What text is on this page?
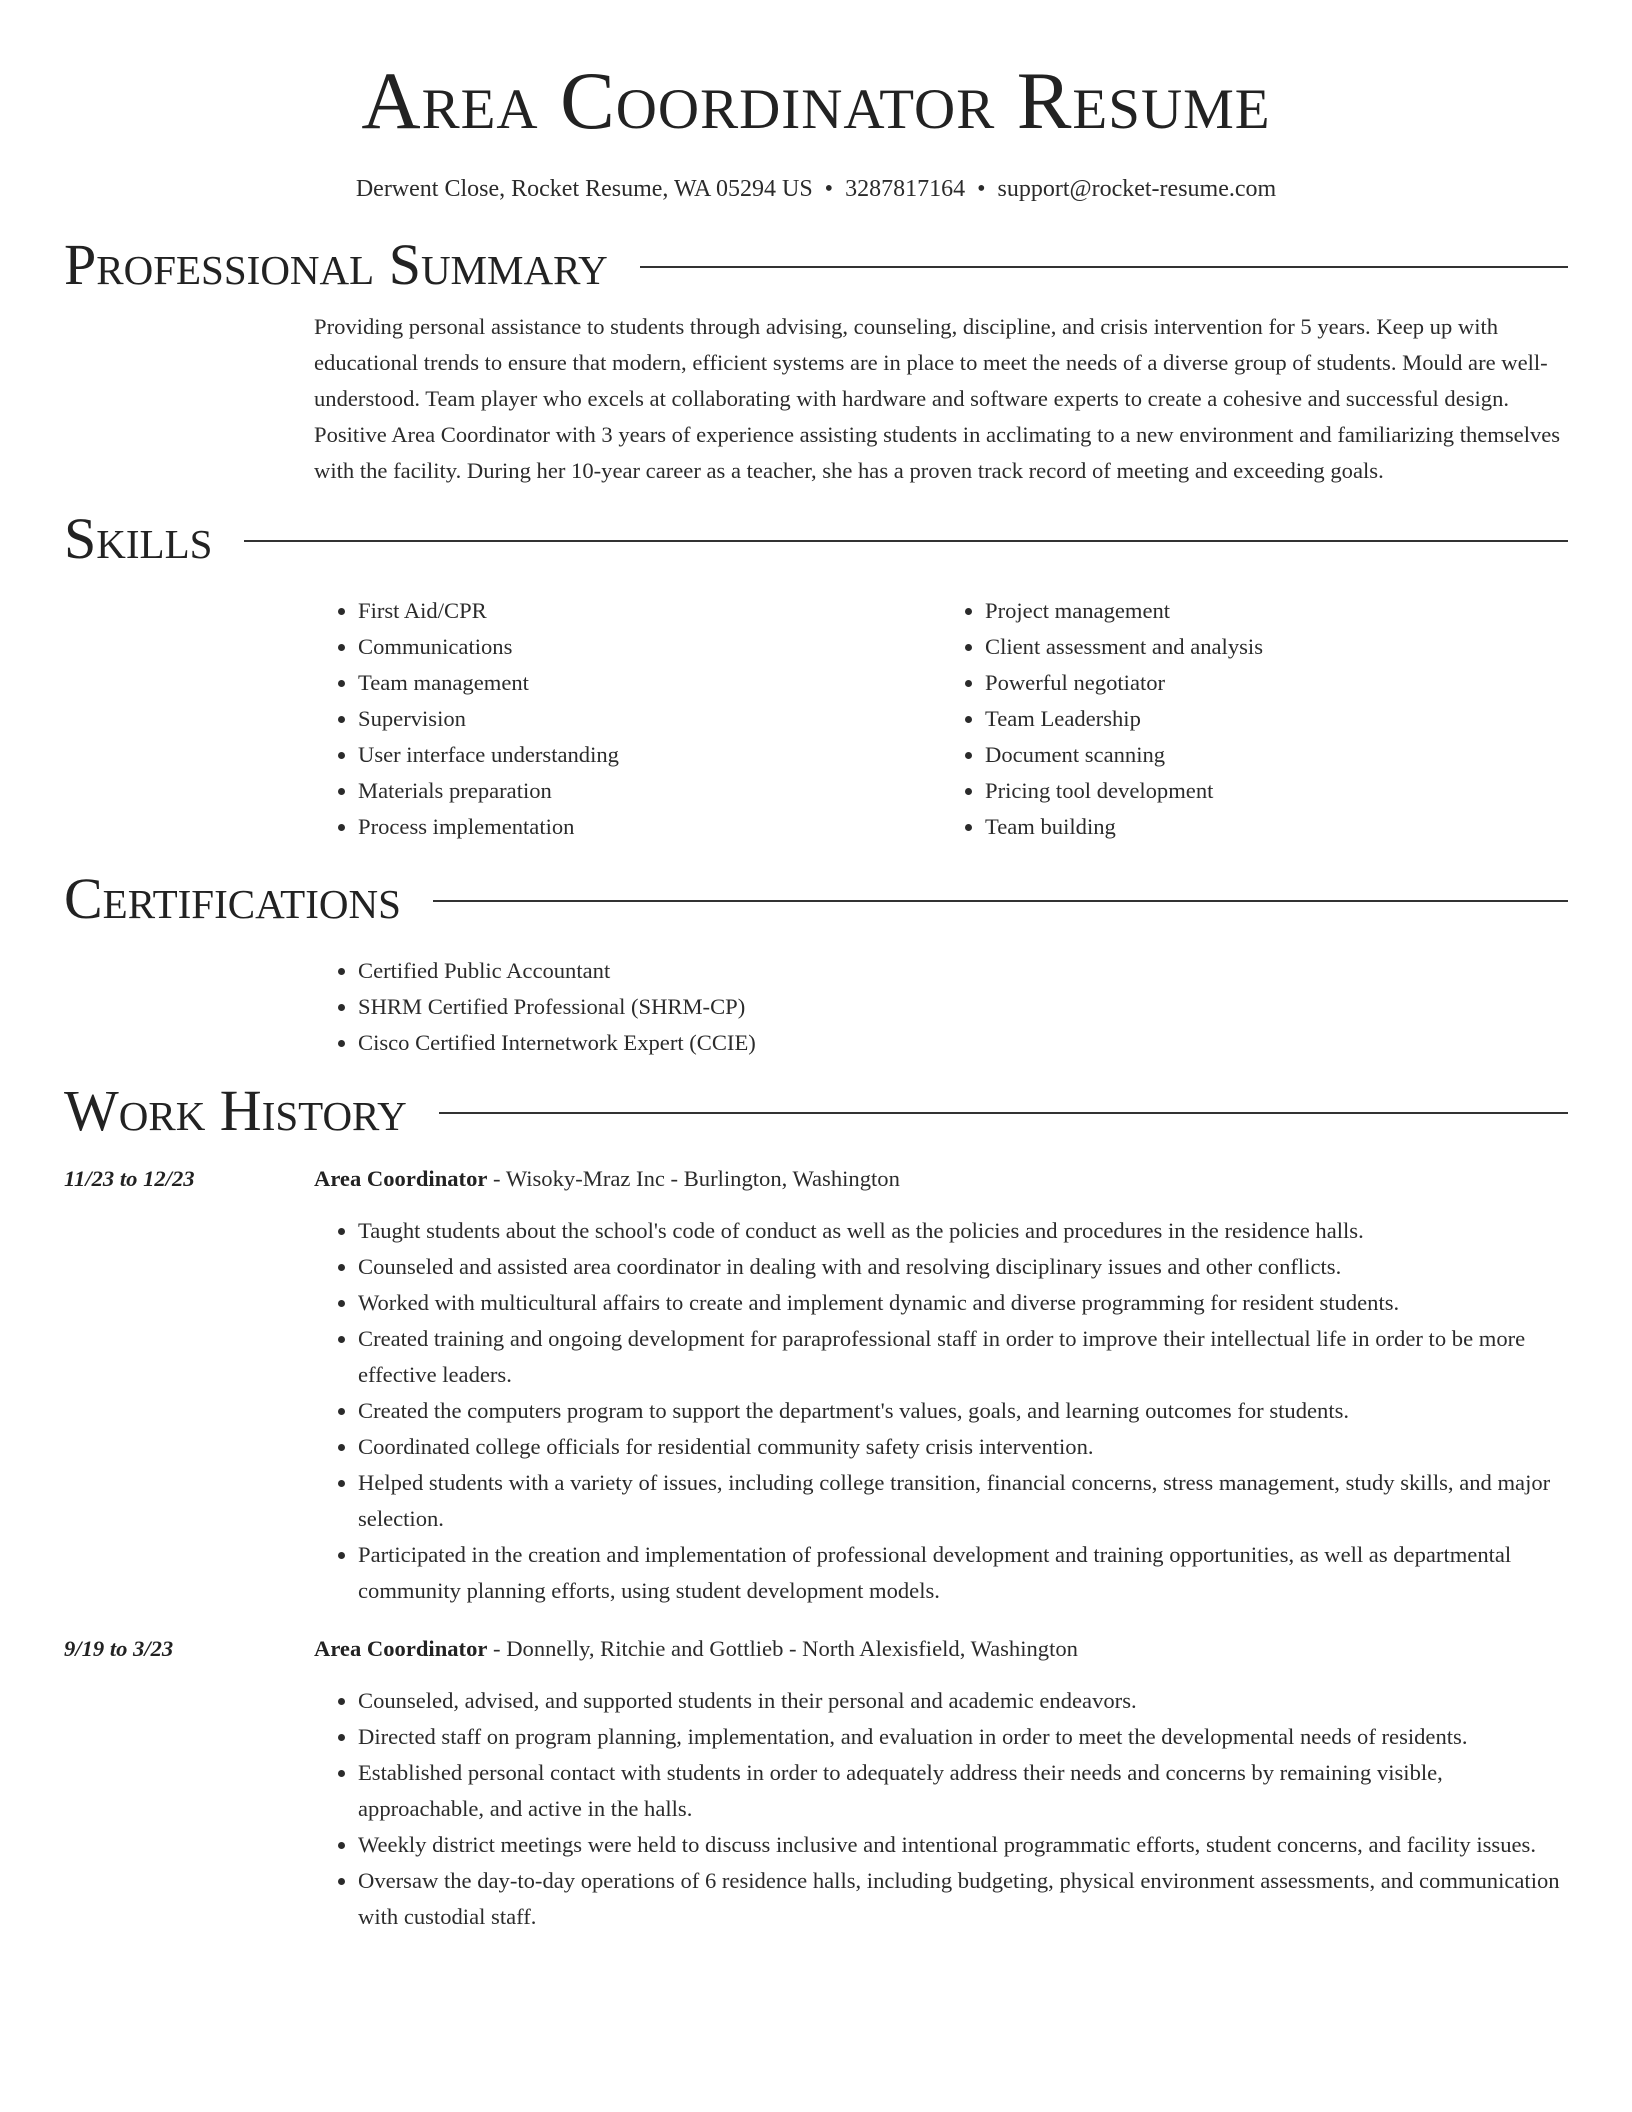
Area Coordinator Resume
Derwent Close, Rocket Resume, WA 05294 US • 3287817164 • support@rocket-resume.com
Professional Summary
Providing personal assistance to students through advising, counseling, discipline, and crisis intervention for 5 years. Keep up with educational trends to ensure that modern, efficient systems are in place to meet the needs of a diverse group of students. Mould are well-understood. Team player who excels at collaborating with hardware and software experts to create a cohesive and successful design. Positive Area Coordinator with 3 years of experience assisting students in acclimating to a new environment and familiarizing themselves with the facility. During her 10-year career as a teacher, she has a proven track record of meeting and exceeding goals.
Skills
• First Aid/CPR
• Communications
• Team management
• Supervision
• User interface understanding
• Materials preparation
• Process implementation
• Project management
• Client assessment and analysis
• Powerful negotiator
• Team Leadership
• Document scanning
• Pricing tool development
• Team building
Certifications
• Certified Public Accountant
• SHRM Certified Professional (SHRM-CP)
• Cisco Certified Internetwork Expert (CCIE)
Work History
11/23 to 12/23	Area Coordinator - Wisoky-Mraz Inc - Burlington, Washington
• Taught students about the school's code of conduct as well as the policies and procedures in the residence halls.
• Counseled and assisted area coordinator in dealing with and resolving disciplinary issues and other conflicts.
• Worked with multicultural affairs to create and implement dynamic and diverse programming for resident students.
• Created training and ongoing development for paraprofessional staff in order to improve their intellectual life in order to be more effective leaders.
• Created the computers program to support the department's values, goals, and learning outcomes for students.
• Coordinated college officials for residential community safety crisis intervention.
• Helped students with a variety of issues, including college transition, financial concerns, stress management, study skills, and major selection.
• Participated in the creation and implementation of professional development and training opportunities, as well as departmental community planning efforts, using student development models.
9/19 to 3/23	Area Coordinator - Donnelly, Ritchie and Gottlieb - North Alexisfield, Washington
• Counseled, advised, and supported students in their personal and academic endeavors.
• Directed staff on program planning, implementation, and evaluation in order to meet the developmental needs of residents.
• Established personal contact with students in order to adequately address their needs and concerns by remaining visible, approachable, and active in the halls.
• Weekly district meetings were held to discuss inclusive and intentional programmatic efforts, student concerns, and facility issues.
• Oversaw the day-to-day operations of 6 residence halls, including budgeting, physical environment assessments, and communication with custodial staff.
